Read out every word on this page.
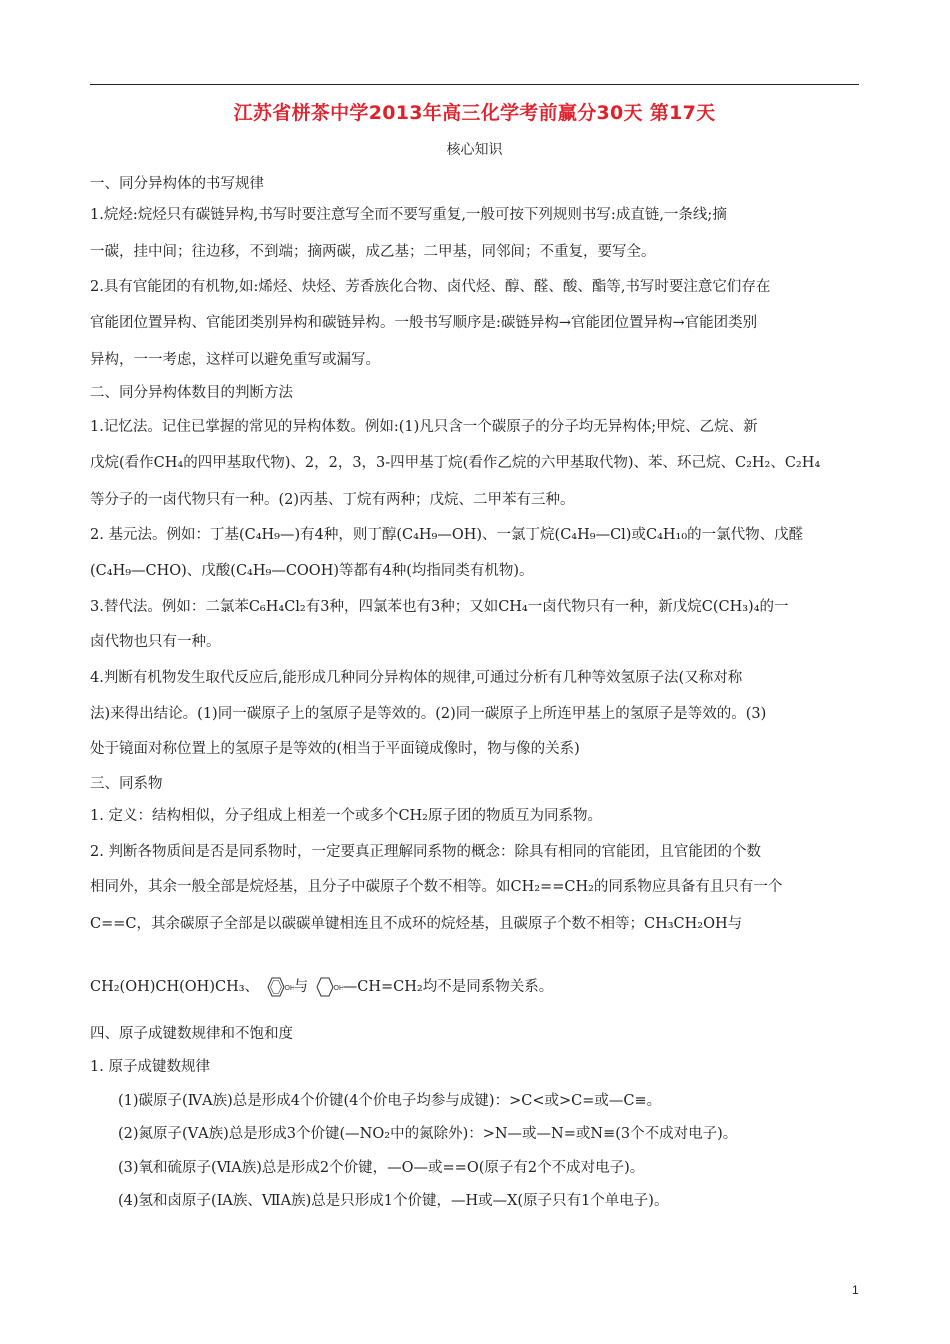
江苏省栟茶中学2013年高三化学考前赢分30天 第17天
核心知识
一、同分异构体的书写规律
1.烷烃:烷烃只有碳链异构,书写时要注意写全而不要写重复,一般可按下列规则书写:成直链,一条线;摘
一碳，挂中间；往边移，不到端；摘两碳，成乙基；二甲基，同邻间；不重复，要写全。
2.具有官能团的有机物,如:烯烃、炔烃、芳香族化合物、卤代烃、醇、醛、酸、酯等,书写时要注意它们存在
官能团位置异构、官能团类别异构和碳链异构。一般书写顺序是:碳链异构→官能团位置异构→官能团类别
异构，一一考虑，这样可以避免重写或漏写。
二、同分异构体数目的判断方法
1.记忆法。记住已掌握的常见的异构体数。例如:(1)凡只含一个碳原子的分子均无异构体;甲烷、乙烷、新
戊烷(看作CH₄的四甲基取代物)、2，2，3，3-四甲基丁烷(看作乙烷的六甲基取代物)、苯、环己烷、C₂H₂、C₂H₄
等分子的一卤代物只有一种。(2)丙基、丁烷有两种；戊烷、二甲苯有三种。
2. 基元法。例如：丁基(C₄H₉—)有4种，则丁醇(C₄H₉—OH)、一氯丁烷(C₄H₉—Cl)或C₄H₁₀的一氯代物、戊醛
(C₄H₉—CHO)、戊酸(C₄H₉—COOH)等都有4种(均指同类有机物)。
3.替代法。例如：二氯苯C₆H₄Cl₂有3种，四氯苯也有3种；又如CH₄一卤代物只有一种，新戊烷C(CH₃)₄的一
卤代物也只有一种。
4.判断有机物发生取代反应后,能形成几种同分异构体的规律,可通过分析有几种等效氢原子法(又称对称
法)来得出结论。(1)同一碳原子上的氢原子是等效的。(2)同一碳原子上所连甲基上的氢原子是等效的。(3)
处于镜面对称位置上的氢原子是等效的(相当于平面镜成像时，物与像的关系)
三、同系物
1. 定义：结构相似，分子组成上相差一个或多个CH₂原子团的物质互为同系物。
2. 判断各物质间是否是同系物时，一定要真正理解同系物的概念：除具有相同的官能团，且官能团的个数
相同外，其余一般全部是烷烃基，且分子中碳原子个数不相等。如CH₂==CH₂的同系物应具备有且只有一个
C==C，其余碳原子全部是以碳碳单键相连且不成环的烷烃基，且碳原子个数不相等；CH₃CH₂OH与
CH₂(OH)CH(OH)CH₃、	OH 与	OH —CH=CH₂均不是同系物关系。
四、原子成键数规律和不饱和度
1. 原子成键数规律
(1)碳原子(ⅣA族)总是形成4个价键(4个价电子均参与成键)：>C<或>C=或—C≡。
(2)氮原子(ⅤA族)总是形成3个价键(—NO₂中的氮除外)：>N—或—N=或N≡(3个不成对电子)。
(3)氧和硫原子(ⅥA族)总是形成2个价键，—O—或==O(原子有2个不成对电子)。
(4)氢和卤原子(ⅠA族、ⅦA族)总是只形成1个价键，—H或—X(原子只有1个单电子)。
1
